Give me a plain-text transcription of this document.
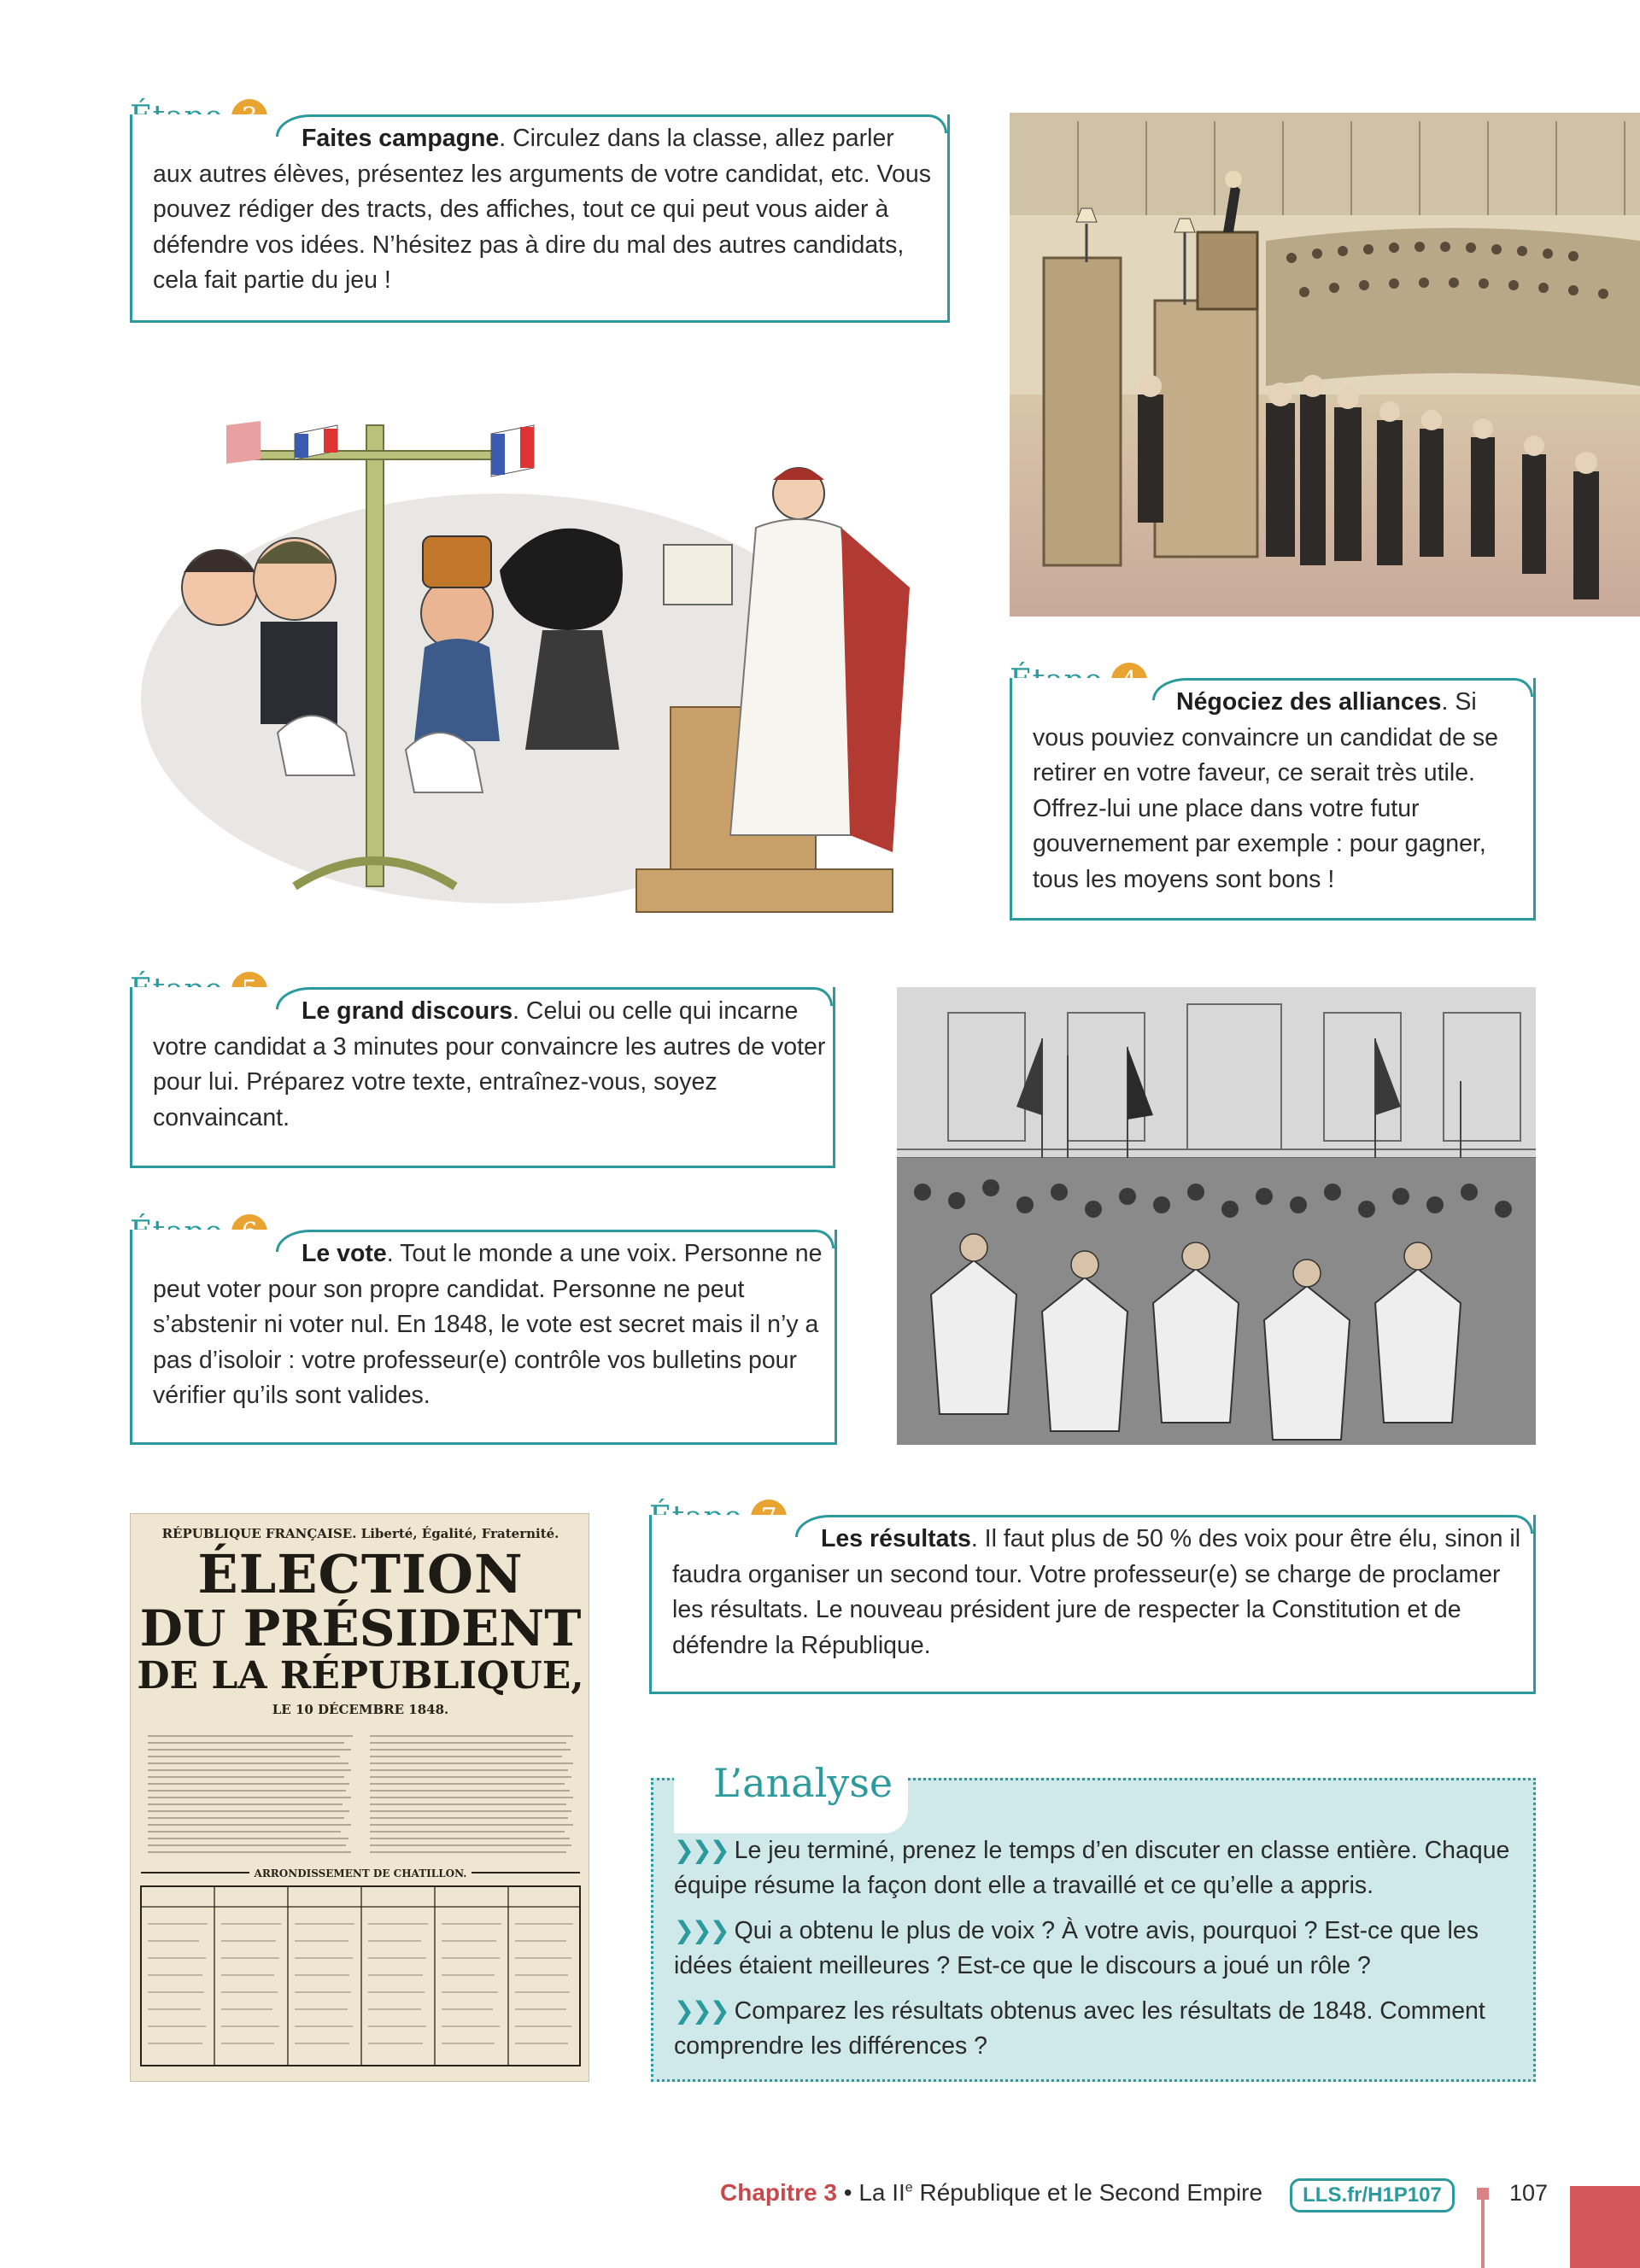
Faites campagne. Circulez dans la classe, allez parler aux autres élèves, présentez les arguments de votre candidat, etc. Vous pouvez rédiger des tracts, des affiches, tout ce qui peut vous aider à défendre vos idées. N’hésitez pas à dire du mal des autres candidats, cela fait partie du jeu !

Négociez des alliances. Si vous pouviez convaincre un candidat de se retirer en votre faveur, ce serait très utile. Offrez-lui une place dans votre futur gouvernement par exemple : pour gagner, tous les moyens sont bons !

Le grand discours. Celui ou celle qui incarne votre candidat a 3 minutes pour convaincre les autres de voter pour lui. Préparez votre texte, entraînez-vous, soyez convaincant.

Le vote. Tout le monde a une voix. Personne ne peut voter pour son propre candidat. Personne ne peut s’abstenir ni voter nul. En 1848, le vote est secret mais il n’y a pas d’isoloir : votre professeur(e) contrôle vos bulletins pour vérifier qu’ils sont valides.

RÉPUBLIQUE FRANÇAISE. Liberté, Égalité, Fraternité.
ÉLECTION
DU PRÉSIDENT
DE LA RÉPUBLIQUE,
LE 10 DÉCEMBRE 1848.
ARRONDISSEMENT DE CHATILLON.

Les résultats. Il faut plus de 50 % des voix pour être élu, sinon il faudra organiser un second tour. Votre professeur(e) se charge de proclamer les résultats. Le nouveau président jure de respecter la Constitution et de défendre la République.

L’analyse

❯❯❯ Le jeu terminé, prenez le temps d’en discuter en classe entière. Chaque équipe résume la façon dont elle a travaillé et ce qu’elle a appris.

❯❯❯ Qui a obtenu le plus de voix ? À votre avis, pourquoi ? Est-ce que les idées étaient meilleures ? Est-ce que le discours a joué un rôle ?

❯❯❯ Comparez les résultats obtenus avec les résultats de 1848. Comment comprendre les différences ?

Chapitre 3 • La IIe République et le Second Empire	LLS.fr/H1P107	107
